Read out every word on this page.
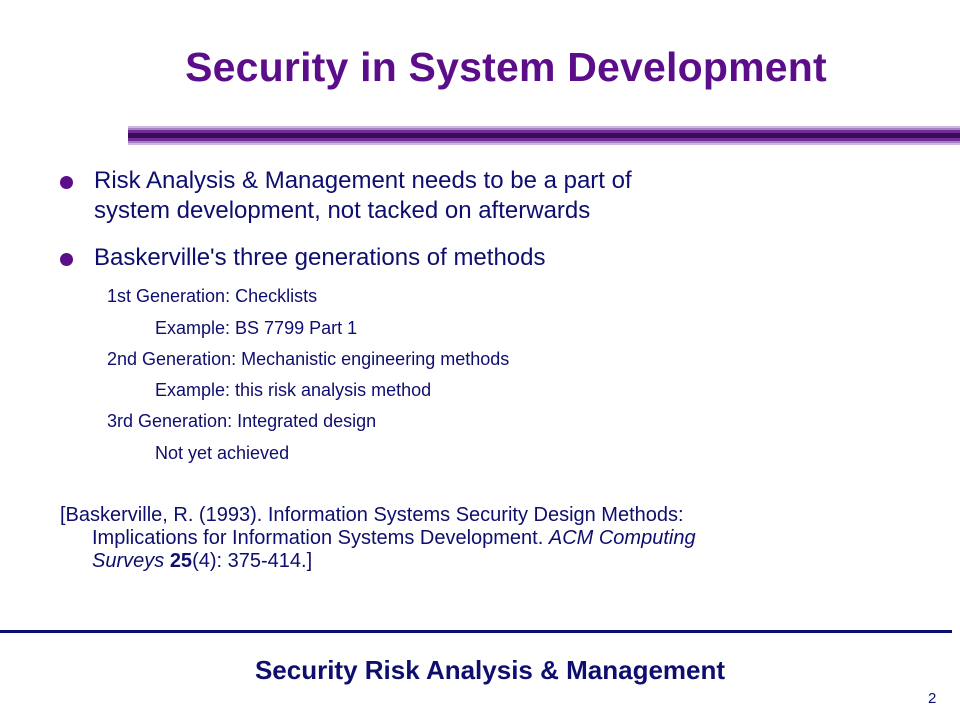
Security in System Development
Risk Analysis & Management needs to be a part of
system development, not tacked on afterwards
Baskerville's three generations of methods
1st Generation: Checklists
Example: BS 7799 Part 1
2nd Generation: Mechanistic engineering methods
Example: this risk analysis method
3rd Generation: Integrated design
Not yet achieved
[Baskerville, R. (1993). Information Systems Security Design Methods:
Implications for Information Systems Development. ACM Computing
Surveys 25(4): 375-414.]
Security Risk Analysis & Management
2
